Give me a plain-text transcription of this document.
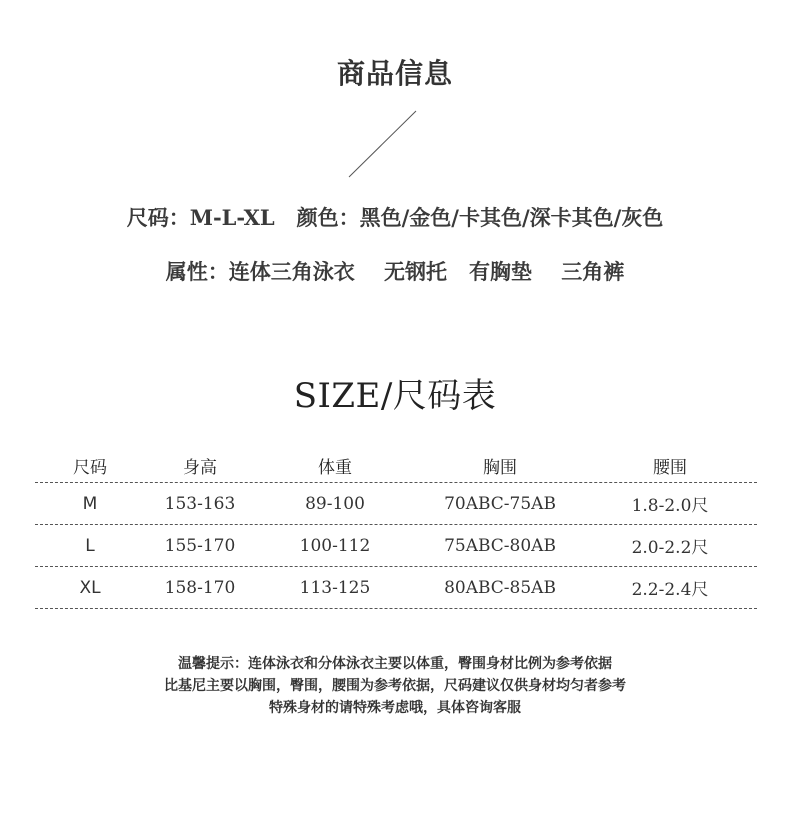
商品信息
尺码：M-L-XL   颜色：黑色/金色/卡其色/深卡其色/灰色
属性：连体三角泳衣    无钢托   有胸垫    三角裤
SIZE/尺码表
尺码	身高	体重	胸围	腰围
M	153-163	89-100	70ABC-75AB	1.8-2.0尺
L	155-170	100-112	75ABC-80AB	2.0-2.2尺
XL	158-170	113-125	80ABC-85AB	2.2-2.4尺
温馨提示：连体泳衣和分体泳衣主要以体重，臀围身材比例为参考依据
比基尼主要以胸围，臀围，腰围为参考依据，尺码建议仅供身材均匀者参考
特殊身材的请特殊考虑哦，具体咨询客服
